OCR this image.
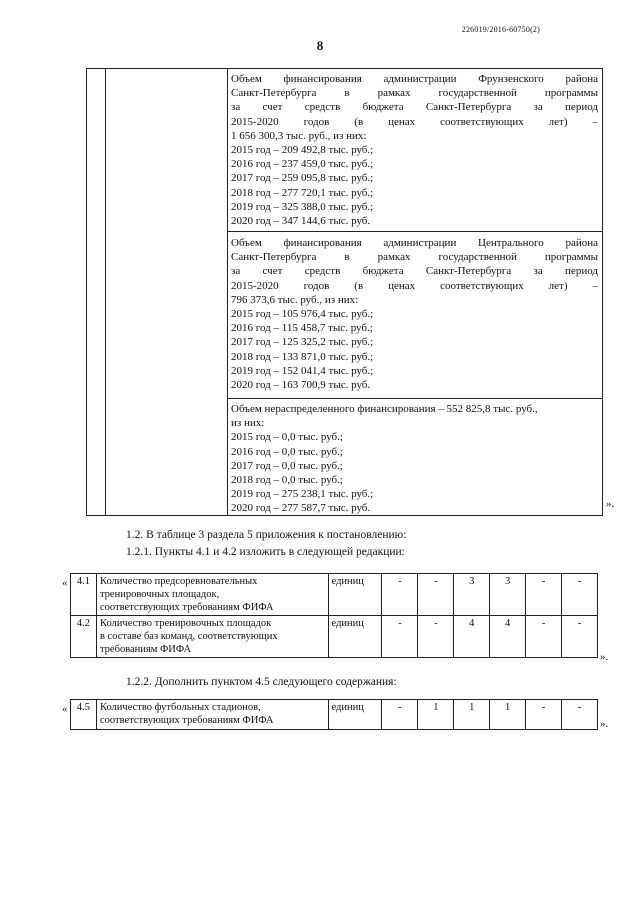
226019/2016-60750(2)
8
Объем финансирования администрации Фрунзенского района
Санкт-Петербурга в рамках государственной программы
за счет средств бюджета Санкт-Петербурга за период
2015-2020 годов (в ценах соответствующих лет) –
1 656 300,3 тыс. руб., из них:
2015 год – 209 492,8 тыс. руб.;
2016 год – 237 459,0 тыс. руб.;
2017 год – 259 095,8 тыс. руб.;
2018 год – 277 720,1 тыс. руб.;
2019 год – 325 388,0 тыс. руб.;
2020 год – 347 144,6 тыс. руб.
Объем финансирования администрации Центрального района
Санкт-Петербурга в рамках государственной программы
за счет средств бюджета Санкт-Петербурга за период
2015-2020 годов (в ценах соответствующих лет) –
796 373,6 тыс. руб., из них:
2015 год – 105 976,4 тыс. руб.;
2016 год – 115 458,7 тыс. руб.;
2017 год – 125 325,2 тыс. руб.;
2018 год – 133 871,0 тыс. руб.;
2019 год – 152 041,4 тыс. руб.;
2020 год – 163 700,9 тыс. руб.
Объем нераспределенного финансирования – 552 825,8 тыс. руб.,
из них:
2015 год – 0,0 тыс. руб.;
2016 год – 0,0 тыс. руб.;
2017 год – 0,0 тыс. руб.;
2018 год – 0,0 тыс. руб.;
2019 год – 275 238,1 тыс. руб.;
2020 год – 277 587,7 тыс. руб.	».
1.2. В таблице 3 раздела 5 приложения к постановлению:
1.2.1. Пункты 4.1 и 4.2 изложить в следующей редакции:
« 4.1	Количество предсоревновательных
тренировочных площадок,
соответствующих требованиям ФИФА	единиц	-	-	3	3	-	-
4.2	Количество тренировочных площадок
в составе баз команд, соответствующих
требованиям ФИФА	единиц	-	-	4	4	-	-
».
1.2.2. Дополнить пунктом 4.5 следующего содержания:
« 4.5	Количество футбольных стадионов,
соответствующих требованиям ФИФА
	единиц	-	1	1	1	-	-
».
